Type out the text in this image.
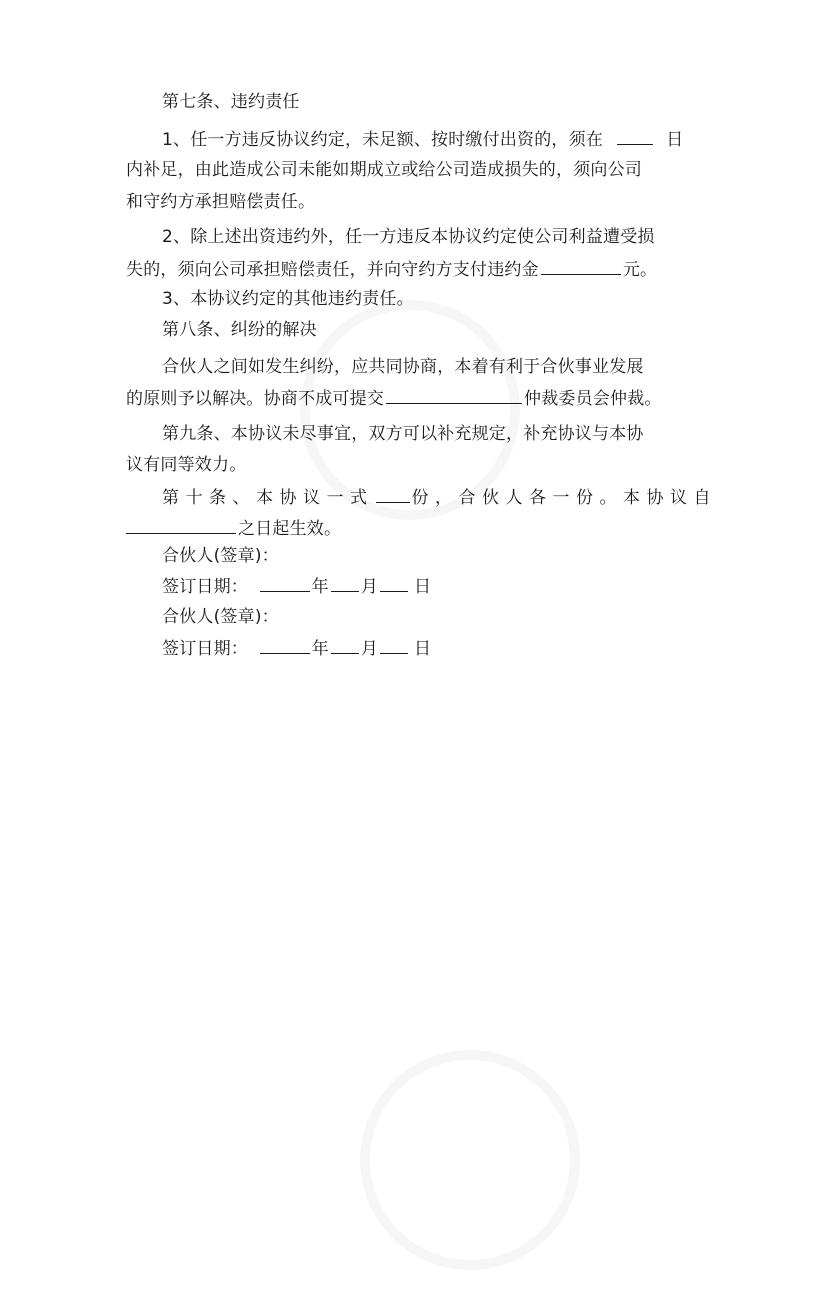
第七条、违约责任
1、任一方违反协议约定，未足额、按时缴付出资的，须在	日
内补足，由此造成公司未能如期成立或给公司造成损失的，须向公司
和守约方承担赔偿责任。
2、除上述出资违约外，任一方违反本协议约定使公司利益遭受损
失的，须向公司承担赔偿责任，并向守约方支付违约金	元。
3、本协议约定的其他违约责任。
第八条、纠纷的解决
合伙人之间如发生纠纷，应共同协商，本着有利于合伙事业发展
的原则予以解决。协商不成可提交	仲裁委员会仲裁。
第九条、本协议未尽事宜，双方可以补充规定，补充协议与本协
议有同等效力。
第十条、本协议一式 份，合伙人各一份。本协议自
之日起生效。
合伙人(签章)：
签订日期：	年 月 日
合伙人(签章)：
签订日期：	年 月 日
